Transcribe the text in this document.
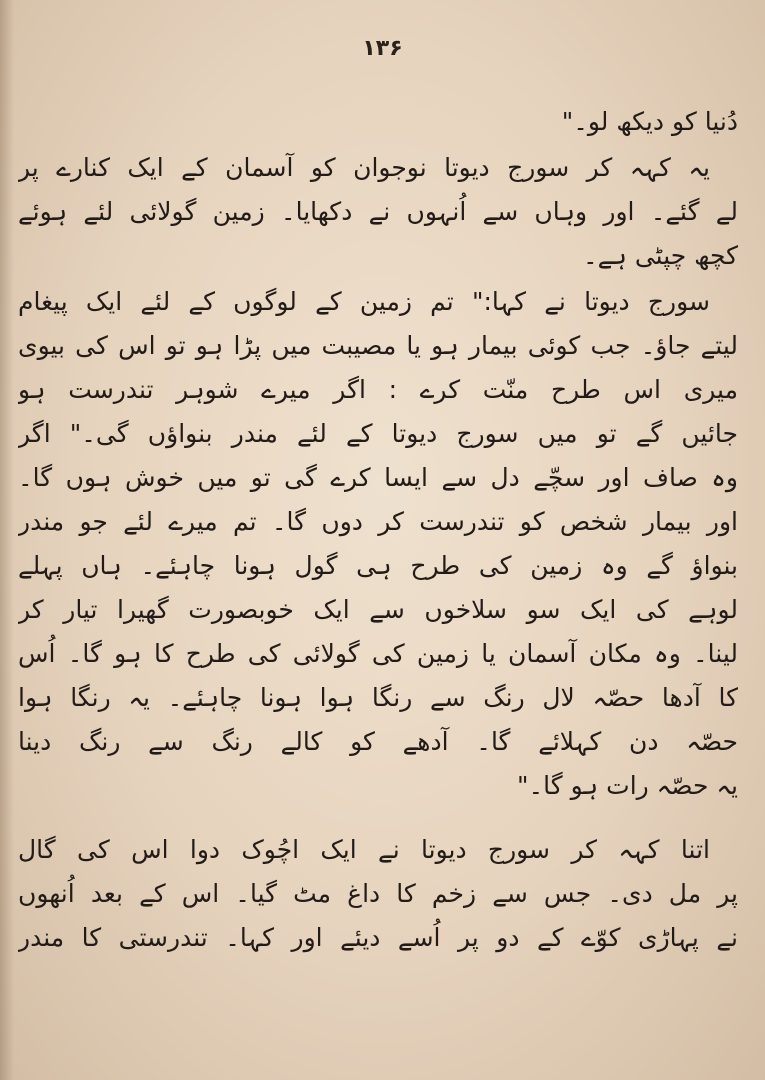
۱۳۶
دُنیا کو دیکھ لو۔"
یہ کہہ کر سورج دیوتا نوجوان کو آسمان کے ایک کنارے پر
لے گئے۔ اور وہاں سے اُنہوں نے دکھایا۔ زمین گولائی لئے ہوئے
کچھ چپٹی ہے۔
سورج دیوتا نے کہا:" تم زمین کے لوگوں کے لئے ایک پیغام
لیتے جاؤ۔ جب کوئی بیمار ہو یا مصیبت میں پڑا ہو تو اس کی بیوی
میری اس طرح منّت کرے : اگر میرے شوہر تندرست ہو
جائیں گے تو میں سورج دیوتا کے لئے مندر بنواؤں گی۔" اگر
وہ صاف اور سچّے دل سے ایسا کرے گی تو میں خوش ہوں گا۔
اور بیمار شخص کو تندرست کر دوں گا۔ تم میرے لئے جو مندر
بنواؤ گے وہ زمین کی طرح ہی گول ہونا چاہئے۔ ہاں پہلے
لوہے کی ایک سو سلاخوں سے ایک خوبصورت گھیرا تیار کر
لینا۔ وہ مکان آسمان یا زمین کی گولائی کی طرح کا ہو گا۔ اُس
کا آدھا حصّہ لال رنگ سے رنگا ہوا ہونا چاہئے۔ یہ رنگا ہوا
حصّہ دن کہلائے گا۔ آدھے کو کالے رنگ سے رنگ دینا
یہ حصّہ رات ہو گا۔"
اتنا کہہ کر سورج دیوتا نے ایک اچُوک دوا اس کی گال
پر مل دی۔ جس سے زخم کا داغ مٹ گیا۔ اس کے بعد اُنھوں
نے پہاڑی کوّے کے دو پر اُسے دیئے اور کہا۔ تندرستی کا مندر
